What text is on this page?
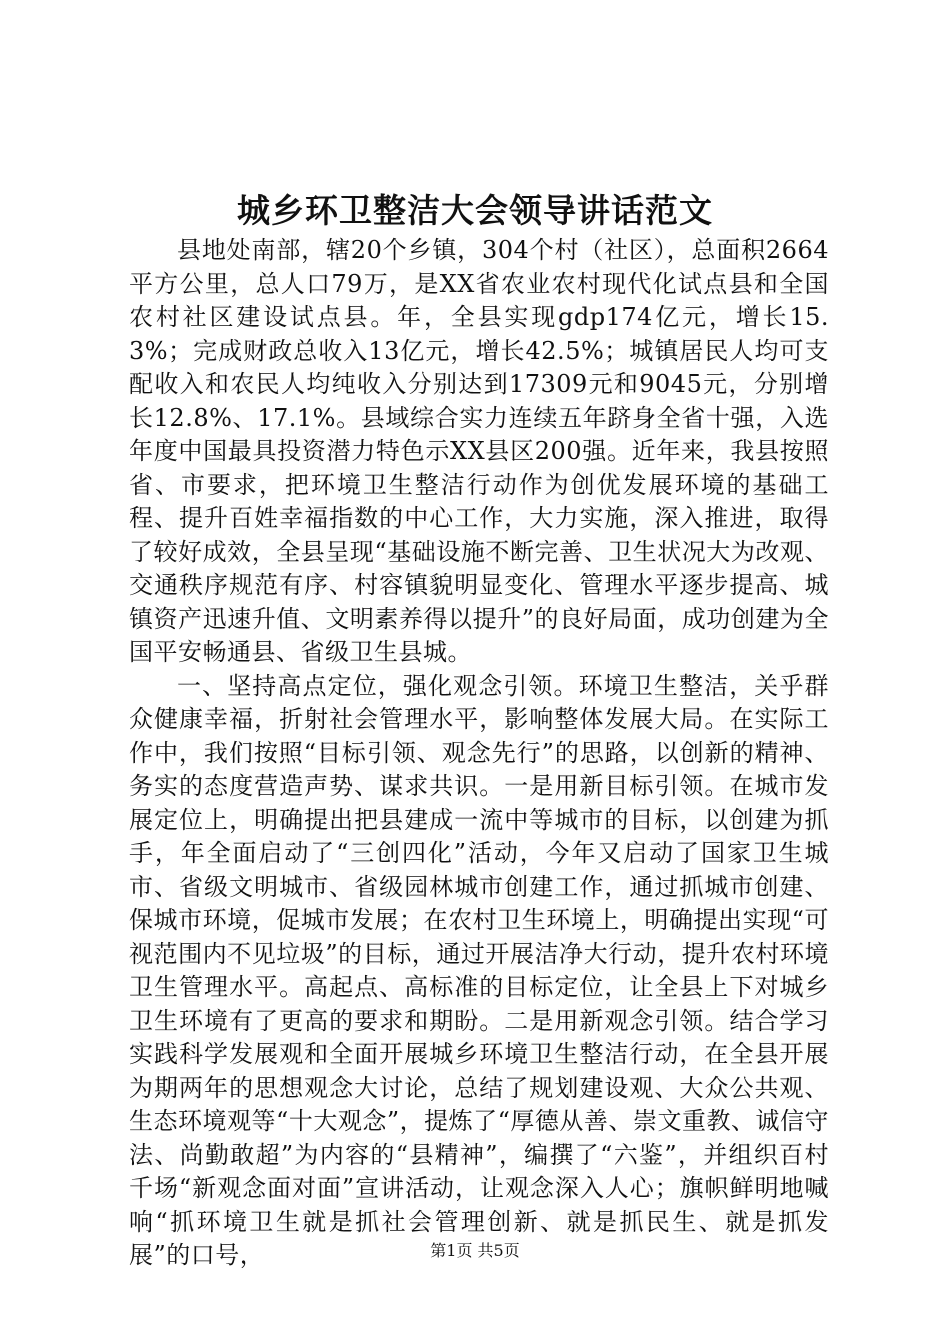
城乡环卫整洁大会领导讲话范文

县地处南部，辖20个乡镇，304个村（社区），总面积2664平方公里，总人口79万，是XX省农业农村现代化试点县和全国农村社区建设试点县。年，全县实现gdp174亿元，增长15.3%；完成财政总收入13亿元，增长42.5%；城镇居民人均可支配收入和农民人均纯收入分别达到17309元和9045元，分别增长12.8%、17.1%。县域综合实力连续五年跻身全省十强，入选年度中国最具投资潜力特色示XX县区200强。近年来，我县按照省、市要求，把环境卫生整洁行动作为创优发展环境的基础工程、提升百姓幸福指数的中心工作，大力实施，深入推进，取得了较好成效，全县呈现“基础设施不断完善、卫生状况大为改观、交通秩序规范有序、村容镇貌明显变化、管理水平逐步提高、城镇资产迅速升值、文明素养得以提升”的良好局面，成功创建为全国平安畅通县、省级卫生县城。

一、坚持高点定位，强化观念引领。环境卫生整洁，关乎群众健康幸福，折射社会管理水平，影响整体发展大局。在实际工作中，我们按照“目标引领、观念先行”的思路，以创新的精神、务实的态度营造声势、谋求共识。一是用新目标引领。在城市发展定位上，明确提出把县建成一流中等城市的目标，以创建为抓手，年全面启动了“三创四化”活动，今年又启动了国家卫生城市、省级文明城市、省级园林城市创建工作，通过抓城市创建、保城市环境，促城市发展；在农村卫生环境上，明确提出实现“可视范围内不见垃圾”的目标，通过开展洁净大行动，提升农村环境卫生管理水平。高起点、高标准的目标定位，让全县上下对城乡卫生环境有了更高的要求和期盼。二是用新观念引领。结合学习实践科学发展观和全面开展城乡环境卫生整洁行动，在全县开展为期两年的思想观念大讨论，总结了规划建设观、大众公共观、生态环境观等“十大观念”，提炼了“厚德从善、崇文重教、诚信守法、尚勤敢超”为内容的“县精神”，编撰了“六鉴”，并组织百村千场“新观念面对面”宣讲活动，让观念深入人心；旗帜鲜明地喊响“抓环境卫生就是抓社会管理创新、就是抓民生、就是抓发展”的口号，	第1页 共5页
